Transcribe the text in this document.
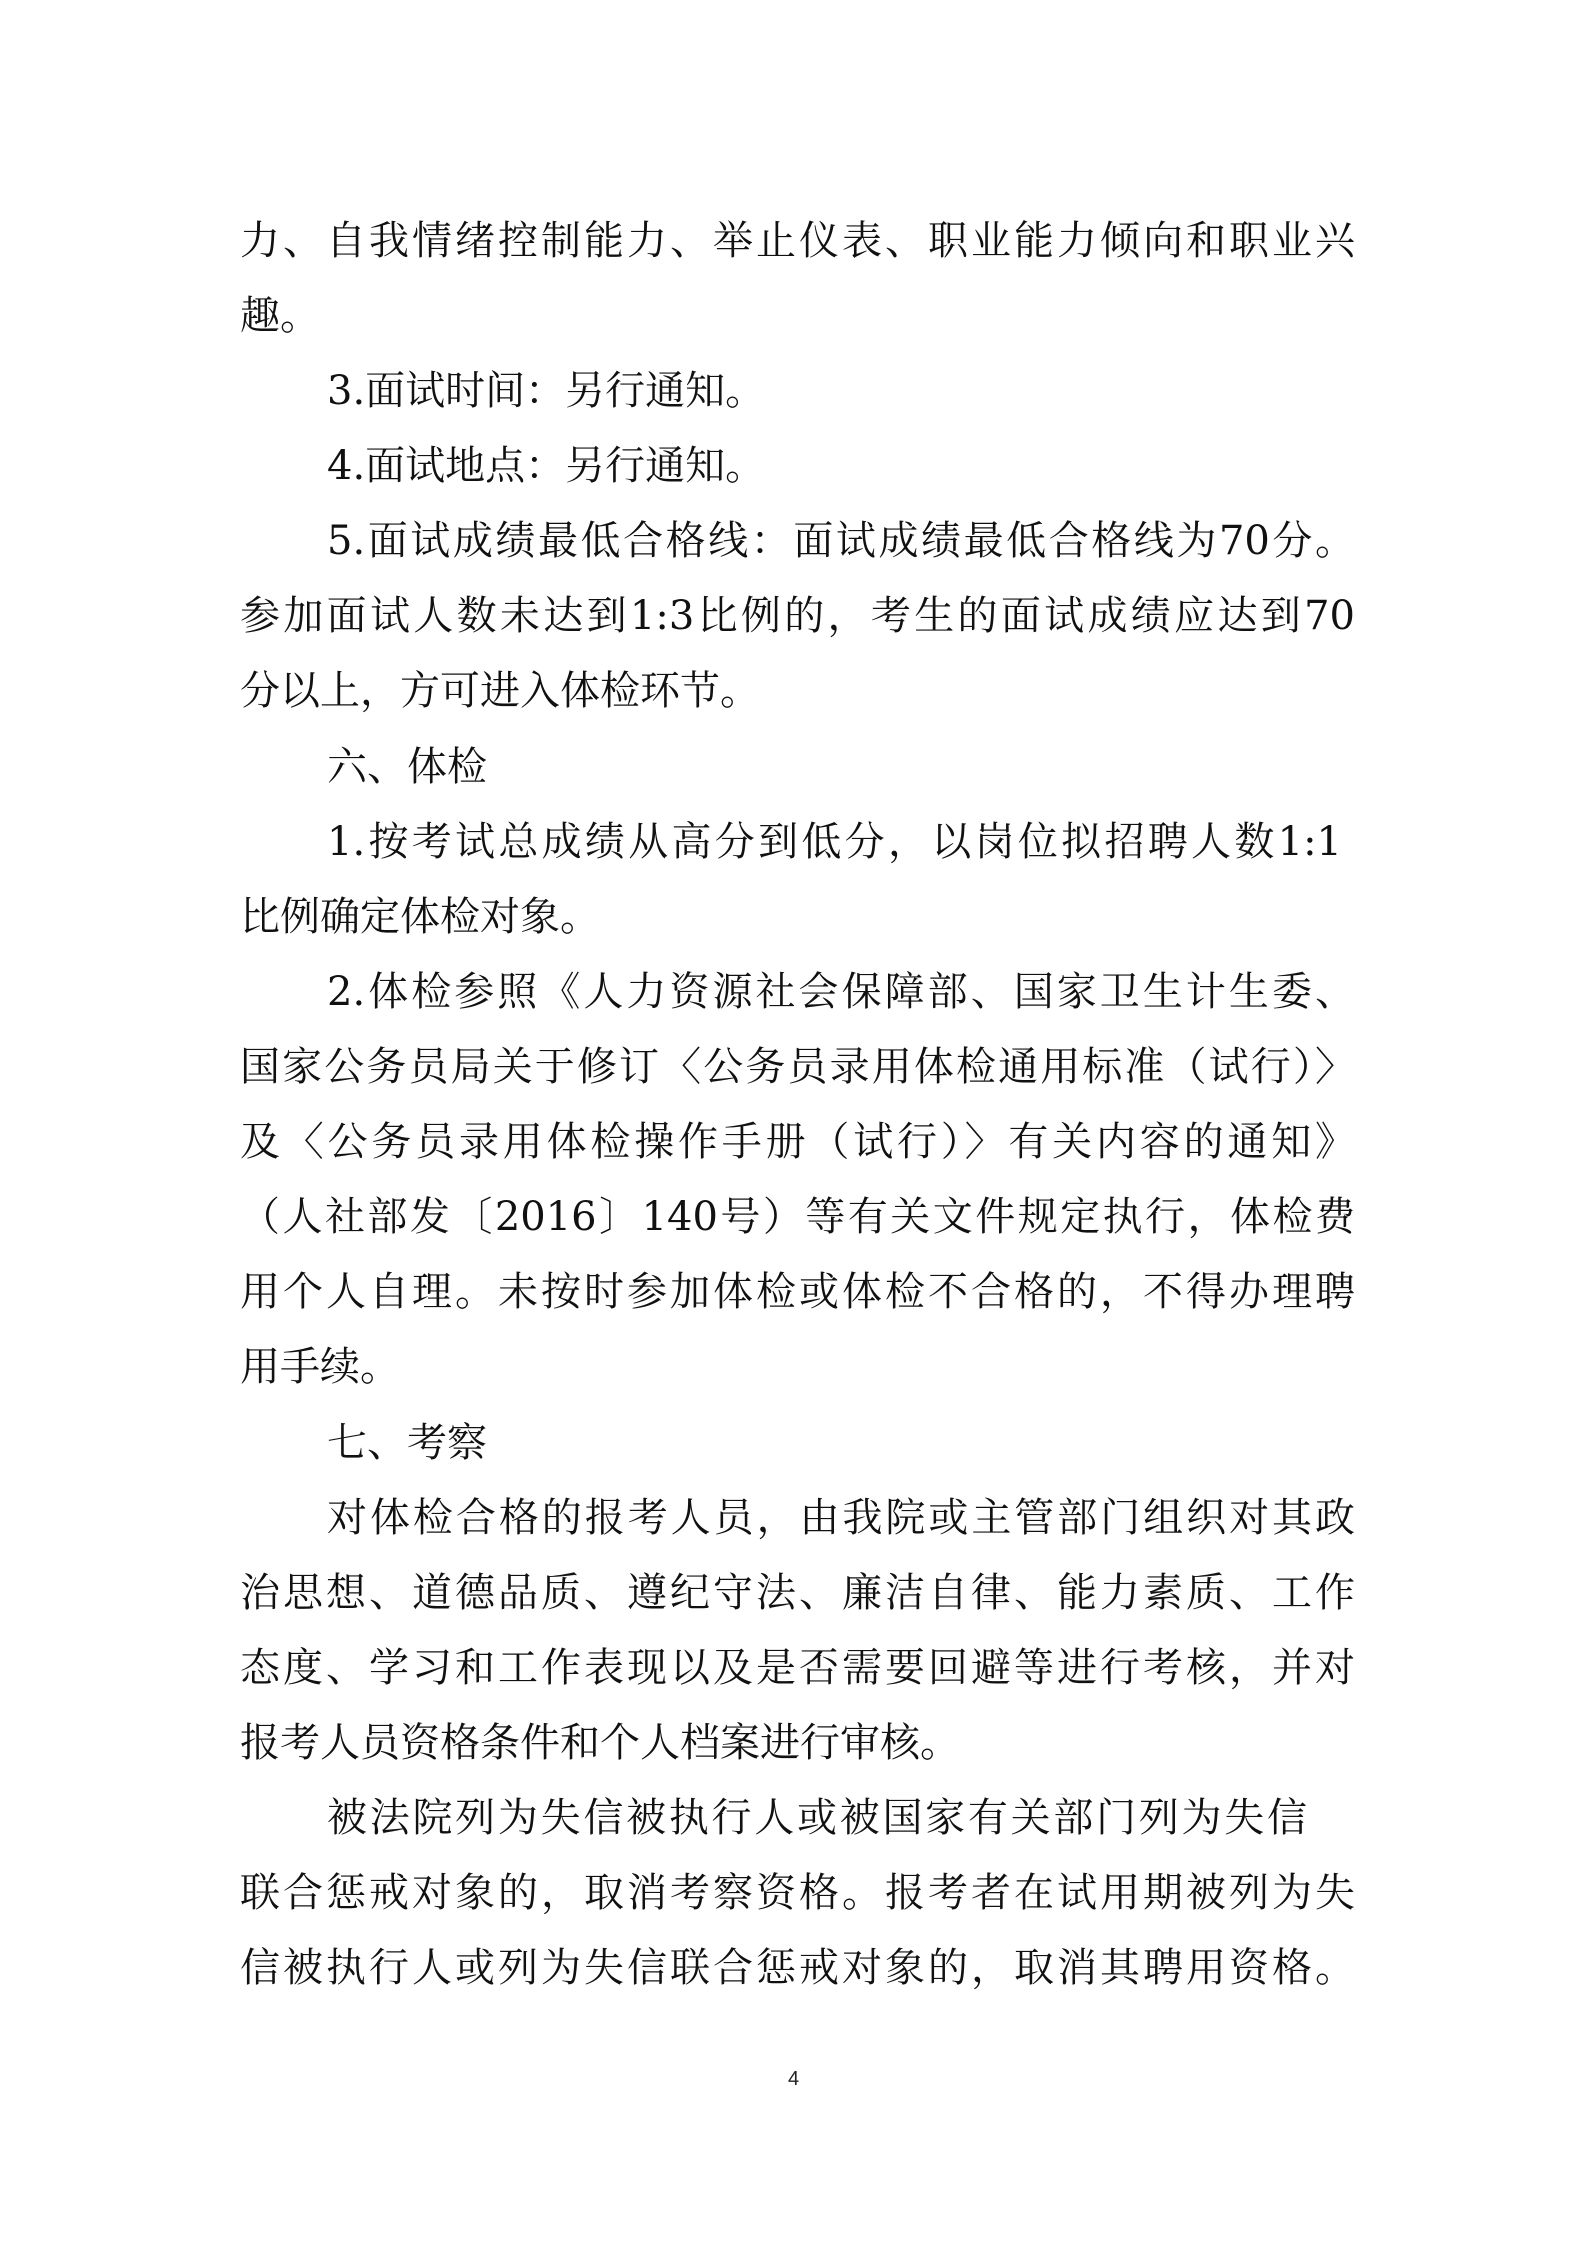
力、自我情绪控制能力、举止仪表、职业能力倾向和职业兴
趣。
3.面试时间：另行通知。
4.面试地点：另行通知。
5.面试成绩最低合格线：面试成绩最低合格线为70分。
参加面试人数未达到1:3比例的，考生的面试成绩应达到70
分以上，方可进入体检环节。
六、体检
1.按考试总成绩从高分到低分，以岗位拟招聘人数1:1
比例确定体检对象。
2.体检参照《人力资源社会保障部、国家卫生计生委、
国家公务员局关于修订〈公务员录用体检通用标准（试行）〉
及〈公务员录用体检操作手册（试行）〉有关内容的通知》
（人社部发〔2016〕140号）等有关文件规定执行，体检费
用个人自理。未按时参加体检或体检不合格的，不得办理聘
用手续。
七、考察
对体检合格的报考人员，由我院或主管部门组织对其政
治思想、道德品质、遵纪守法、廉洁自律、能力素质、工作
态度、学习和工作表现以及是否需要回避等进行考核，并对
报考人员资格条件和个人档案进行审核。
被法院列为失信被执行人或被国家有关部门列为失信
联合惩戒对象的，取消考察资格。报考者在试用期被列为失
信被执行人或列为失信联合惩戒对象的，取消其聘用资格。
4
